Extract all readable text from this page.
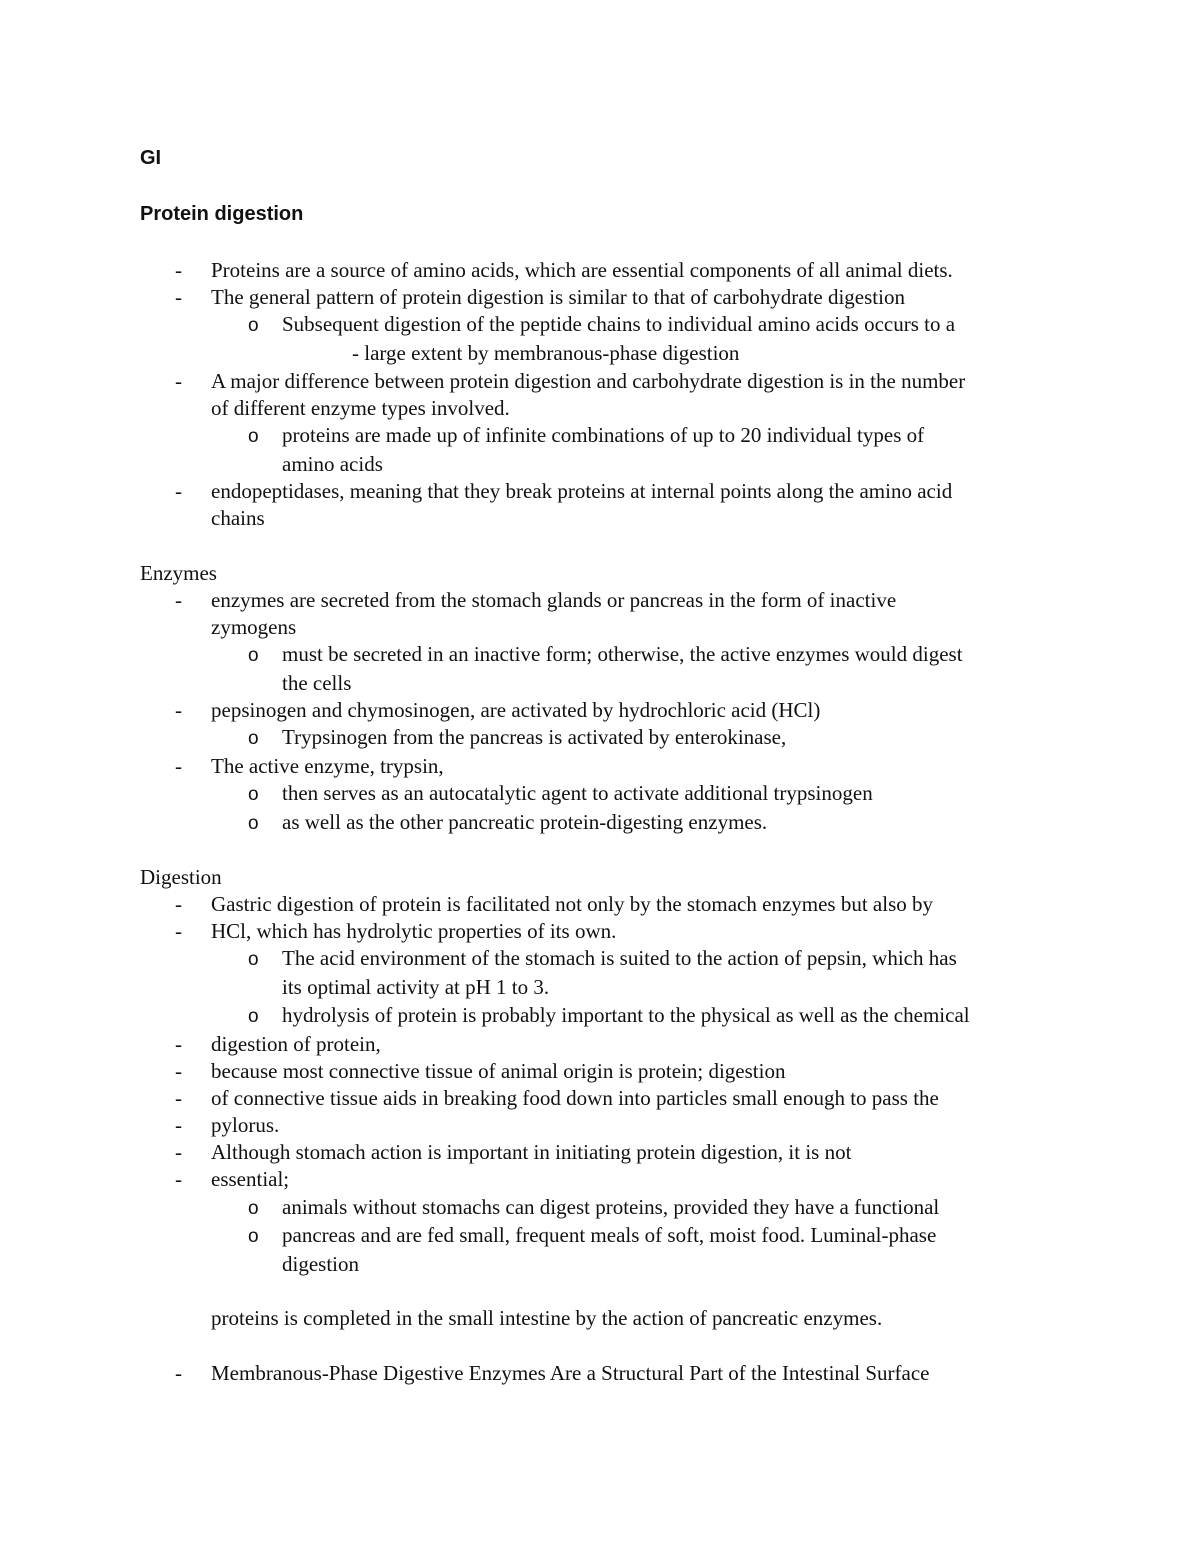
GI
Protein digestion
- Proteins are a source of amino acids, which are essential components of all animal diets.
- The general pattern of protein digestion is similar to that of carbohydrate digestion
o Subsequent digestion of the peptide chains to individual amino acids occurs to a
- large extent by membranous-phase digestion
- A major difference between protein digestion and carbohydrate digestion is in the number
of different enzyme types involved.
o proteins are made up of infinite combinations of up to 20 individual types of
amino acids
- endopeptidases, meaning that they break proteins at internal points along the amino acid
chains
Enzymes
- enzymes are secreted from the stomach glands or pancreas in the form of inactive
zymogens
o must be secreted in an inactive form; otherwise, the active enzymes would digest
the cells
- pepsinogen and chymosinogen, are activated by hydrochloric acid (HCl)
o Trypsinogen from the pancreas is activated by enterokinase,
- The active enzyme, trypsin,
o then serves as an autocatalytic agent to activate additional trypsinogen
o as well as the other pancreatic protein-digesting enzymes.
Digestion
- Gastric digestion of protein is facilitated not only by the stomach enzymes but also by
- HCl, which has hydrolytic properties of its own.
o The acid environment of the stomach is suited to the action of pepsin, which has
its optimal activity at pH 1 to 3.
o hydrolysis of protein is probably important to the physical as well as the chemical
- digestion of protein,
- because most connective tissue of animal origin is protein; digestion
- of connective tissue aids in breaking food down into particles small enough to pass the
- pylorus.
- Although stomach action is important in initiating protein digestion, it is not
- essential;
o animals without stomachs can digest proteins, provided they have a functional
o pancreas and are fed small, frequent meals of soft, moist food. Luminal-phase
digestion
proteins is completed in the small intestine by the action of pancreatic enzymes.
- Membranous-Phase Digestive Enzymes Are a Structural Part of the Intestinal Surface
